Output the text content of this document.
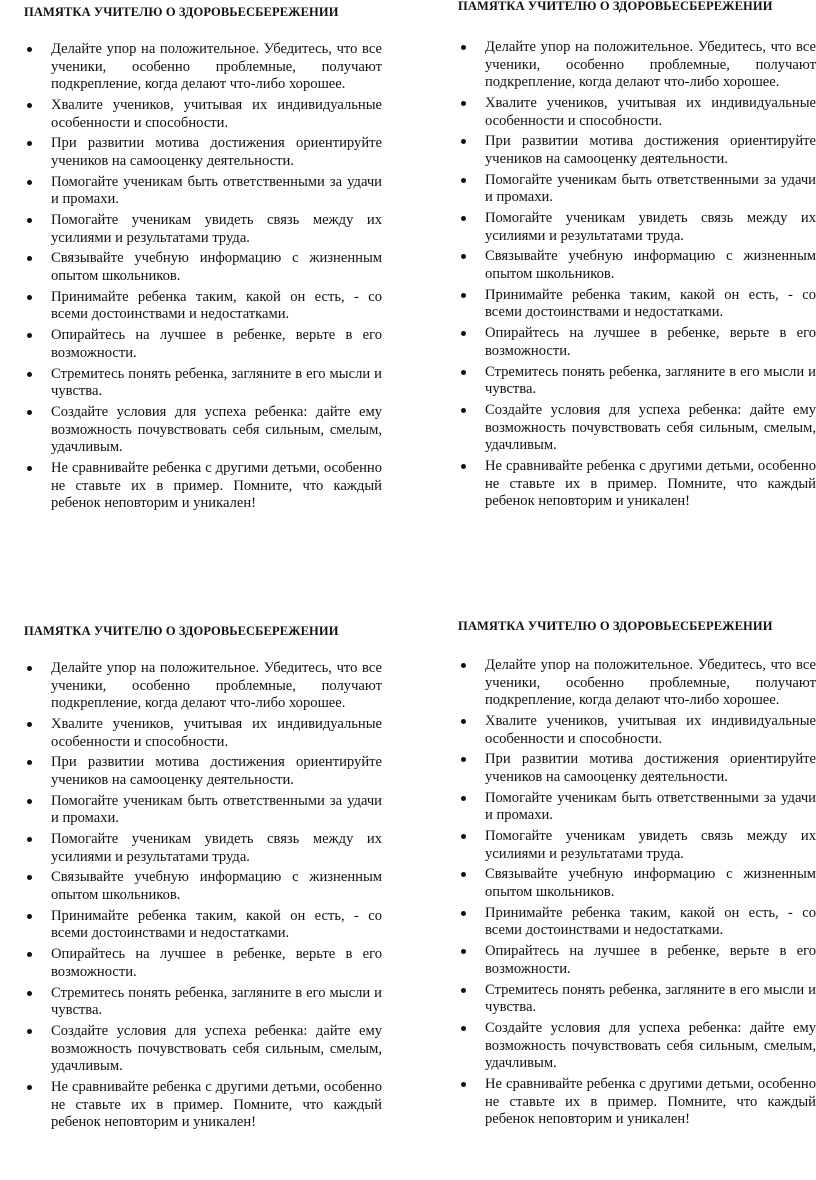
ПАМЯТКА УЧИТЕЛЮ О ЗДОРОВЬЕСБЕРЕЖЕНИИ
Делайте упор на положительное. Убедитесь, что все ученики, особенно проблемные, получают подкрепление, когда делают что-либо хорошее.
Хвалите учеников, учитывая их индивидуальные особенности и способности.
При развитии мотива достижения ориентируйте учеников на самооценку деятельности.
Помогайте ученикам быть ответственными за удачи и промахи.
Помогайте ученикам увидеть связь между их усилиями и результатами труда.
Связывайте учебную информацию с жизненным опытом школьников.
Принимайте ребенка таким, какой он есть, - со всеми достоинствами и недостатками.
Опирайтесь на лучшее в ребенке, верьте в его возможности.
Стремитесь понять ребенка, загляните в его мысли и чувства.
Создайте условия для успеха ребенка: дайте ему возможность почувствовать себя сильным, смелым, удачливым.
Не сравнивайте ребенка с другими детьми, особенно не ставьте их в пример. Помните, что каждый ребенок неповторим и уникален!
ПАМЯТКА УЧИТЕЛЮ О ЗДОРОВЬЕСБЕРЕЖЕНИИ
Делайте упор на положительное. Убедитесь, что все ученики, особенно проблемные, получают подкрепление, когда делают что-либо хорошее.
Хвалите учеников, учитывая их индивидуальные особенности и способности.
При развитии мотива достижения ориентируйте учеников на самооценку деятельности.
Помогайте ученикам быть ответственными за удачи и промахи.
Помогайте ученикам увидеть связь между их усилиями и результатами труда.
Связывайте учебную информацию с жизненным опытом школьников.
Принимайте ребенка таким, какой он есть, - со всеми достоинствами и недостатками.
Опирайтесь на лучшее в ребенке, верьте в его возможности.
Стремитесь понять ребенка, загляните в его мысли и чувства.
Создайте условия для успеха ребенка: дайте ему возможность почувствовать себя сильным, смелым, удачливым.
Не сравнивайте ребенка с другими детьми, особенно не ставьте их в пример. Помните, что каждый ребенок неповторим и уникален!
ПАМЯТКА УЧИТЕЛЮ О ЗДОРОВЬЕСБЕРЕЖЕНИИ
Делайте упор на положительное. Убедитесь, что все ученики, особенно проблемные, получают подкрепление, когда делают что-либо хорошее.
Хвалите учеников, учитывая их индивидуальные особенности и способности.
При развитии мотива достижения ориентируйте учеников на самооценку деятельности.
Помогайте ученикам быть ответственными за удачи и промахи.
Помогайте ученикам увидеть связь между их усилиями и результатами труда.
Связывайте учебную информацию с жизненным опытом школьников.
Принимайте ребенка таким, какой он есть, - со всеми достоинствами и недостатками.
Опирайтесь на лучшее в ребенке, верьте в его возможности.
Стремитесь понять ребенка, загляните в его мысли и чувства.
Создайте условия для успеха ребенка: дайте ему возможность почувствовать себя сильным, смелым, удачливым.
Не сравнивайте ребенка с другими детьми, особенно не ставьте их в пример. Помните, что каждый ребенок неповторим и уникален!
ПАМЯТКА УЧИТЕЛЮ О ЗДОРОВЬЕСБЕРЕЖЕНИИ
Делайте упор на положительное. Убедитесь, что все ученики, особенно проблемные, получают подкрепление, когда делают что-либо хорошее.
Хвалите учеников, учитывая их индивидуальные особенности и способности.
При развитии мотива достижения ориентируйте учеников на самооценку деятельности.
Помогайте ученикам быть ответственными за удачи и промахи.
Помогайте ученикам увидеть связь между их усилиями и результатами труда.
Связывайте учебную информацию с жизненным опытом школьников.
Принимайте ребенка таким, какой он есть, - со всеми достоинствами и недостатками.
Опирайтесь на лучшее в ребенке, верьте в его возможности.
Стремитесь понять ребенка, загляните в его мысли и чувства.
Создайте условия для успеха ребенка: дайте ему возможность почувствовать себя сильным, смелым, удачливым.
Не сравнивайте ребенка с другими детьми, особенно не ставьте их в пример. Помните, что каждый ребенок неповторим и уникален!
